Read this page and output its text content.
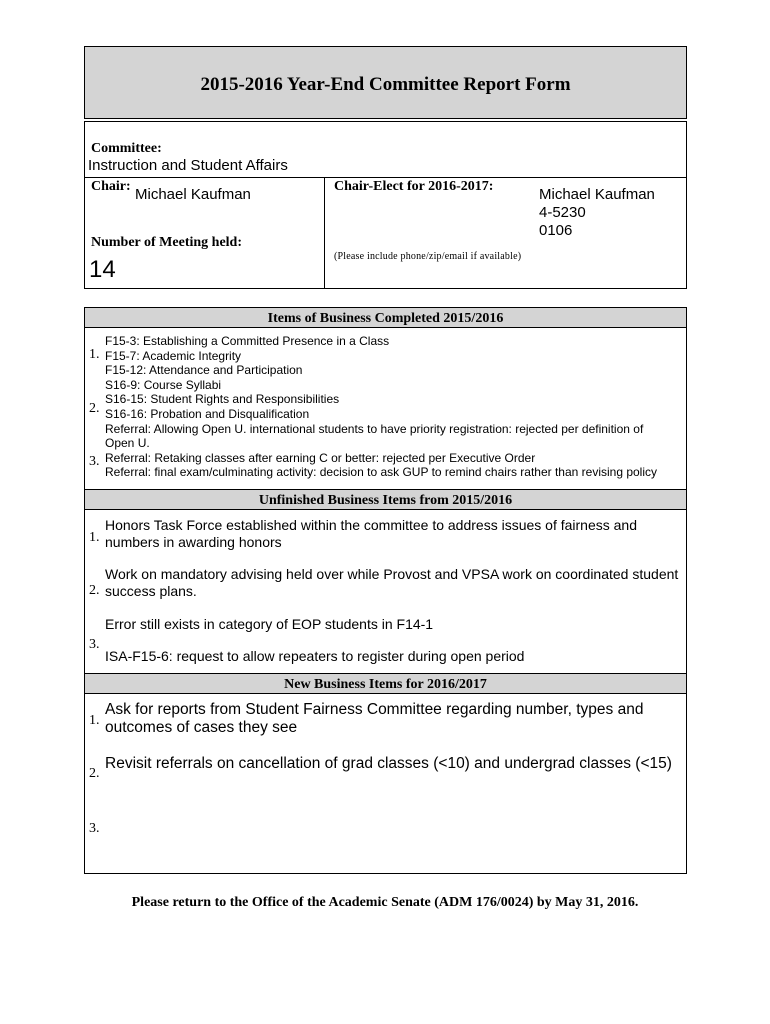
2015-2016 Year-End Committee Report Form
Committee:
Instruction and Student Affairs
Chair: Michael Kaufman	Chair-Elect for 2016-2017:	Michael Kaufman
4-5230
0106
(Please include phone/zip/email if available)
Number of Meeting held:
14
Items of Business Completed 2015/2016
1.
2.
3.
F15-3: Establishing a Committed Presence in a Class
F15-7: Academic Integrity
F15-12: Attendance and Participation
S16-9: Course Syllabi
S16-15: Student Rights and Responsibilities
S16-16: Probation and Disqualification
Referral: Allowing Open U. international students to have priority registration: rejected per definition of
Open U.
Referral: Retaking classes after earning C or better: rejected per Executive Order
Referral: final exam/culminating activity: decision to ask GUP to remind chairs rather than revising policy
Unfinished Business Items from 2015/2016
1.
Honors Task Force established within the committee to address issues of fairness and
numbers in awarding honors
2.
Work on mandatory advising held over while Provost and VPSA work on coordinated student
success plans.
3.
Error still exists in category of EOP students in F14-1
ISA-F15-6: request to allow repeaters to register during open period
New Business Items for 2016/2017
1.
Ask for reports from Student Fairness Committee regarding number, types and
outcomes of cases they see
2.
Revisit referrals on cancellation of grad classes (<10) and undergrad classes (<15)
3.
Please return to the Office of the Academic Senate (ADM 176/0024) by May 31, 2016.
